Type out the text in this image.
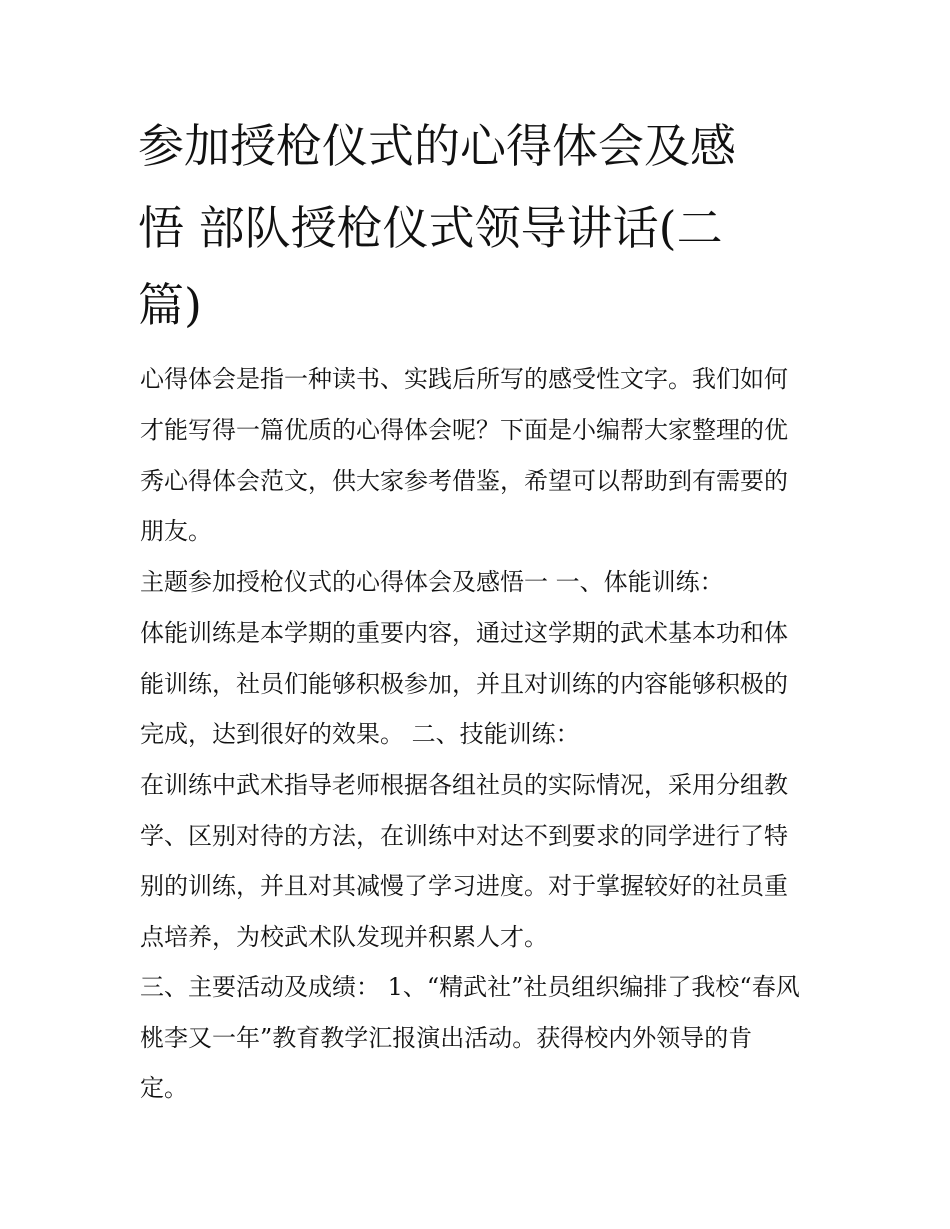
参加授枪仪式的心得体会及感
悟 部队授枪仪式领导讲话(二
篇)
心得体会是指一种读书、实践后所写的感受性文字。我们如何
才能写得一篇优质的心得体会呢？下面是小编帮大家整理的优
秀心得体会范文，供大家参考借鉴，希望可以帮助到有需要的
朋友。
主题参加授枪仪式的心得体会及感悟一 一、体能训练：
体能训练是本学期的重要内容，通过这学期的武术基本功和体
能训练，社员们能够积极参加，并且对训练的内容能够积极的
完成，达到很好的效果。 二、技能训练：
在训练中武术指导老师根据各组社员的实际情况，采用分组教
学、区别对待的方法，在训练中对达不到要求的同学进行了特
别的训练，并且对其减慢了学习进度。对于掌握较好的社员重
点培养，为校武术队发现并积累人才。
三、主要活动及成绩： 1、“精武社”社员组织编排了我校“春风
桃李又一年”教育教学汇报演出活动。获得校内外领导的肯
定。
